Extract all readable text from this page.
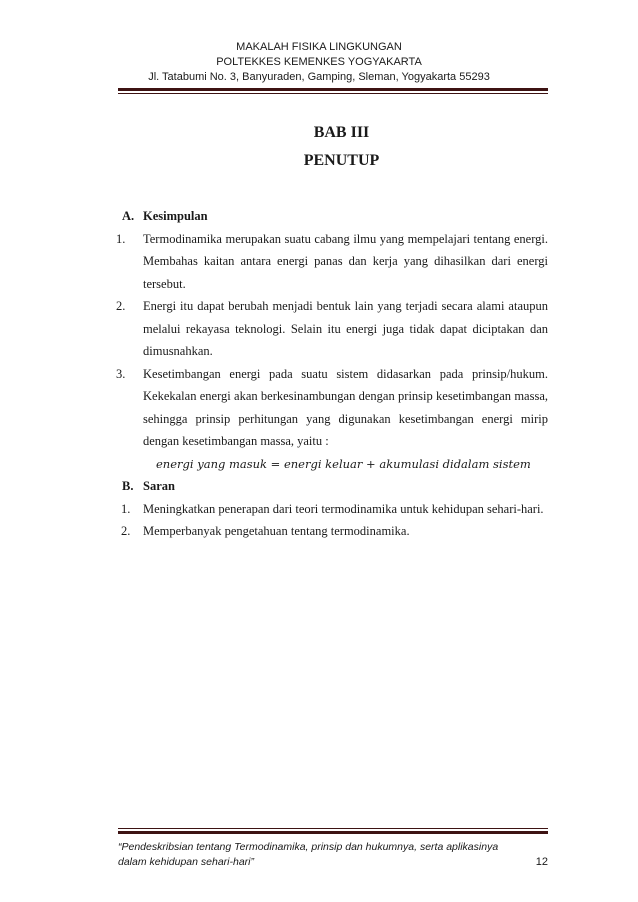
MAKALAH FISIKA LINGKUNGAN
POLTEKKES KEMENKES YOGYAKARTA
Jl. Tatabumi No. 3, Banyuraden, Gamping, Sleman, Yogyakarta 55293
BAB III
PENUTUP

A. Kesimpulan

1. Termodinamika merupakan suatu cabang ilmu yang mempelajari tentang energi. Membahas kaitan antara energi panas dan kerja yang dihasilkan dari energi tersebut.
2. Energi itu dapat berubah menjadi bentuk lain yang terjadi secara alami ataupun melalui rekayasa teknologi. Selain itu energi juga tidak dapat diciptakan dan dimusnahkan.
3. Kesetimbangan energi pada suatu sistem didasarkan pada prinsip/hukum. Kekekalan energi akan berkesinambungan dengan prinsip kesetimbangan massa, sehingga prinsip perhitungan yang digunakan kesetimbangan energi mirip dengan kesetimbangan massa, yaitu :

energi yang masuk = energi keluar + akumulasi didalam sistem

B. Saran

1. Meningkatkan penerapan dari teori termodinamika untuk kehidupan sehari-hari.
2. Memperbanyak pengetahuan tentang termodinamika.
“Pendeskribsian tentang Termodinamika, prinsip dan hukumnya, serta aplikasinya dalam kehidupan sehari-hari”	12
